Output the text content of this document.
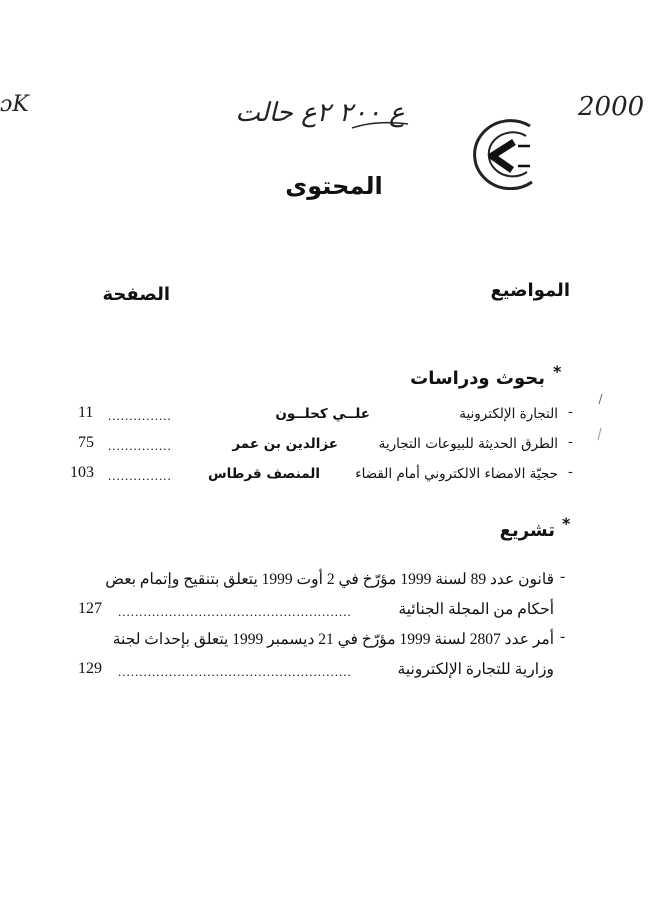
ɔK	ع ٢٠٠ ٢ع حالت	2000
المحتوى
المواضيع
الصفحة
*
بحوث ودراسات
-
التجارة الإلكترونية
علــي كحلــون
...............
11
-
الطرق الحديثة للبيوعات التجارية
عزالدين بن عمر
...............
75
-
حجيّة الامضاء الالكتروني أمام القضاء
المنصف قرطاس
...............
103
*
تشريع
-
قانون عدد 89 لسنة 1999 مؤرّخ في 2 أوت 1999 يتعلق بتنقيح وإتمام بعض
أحكام من المجلة الجنائية
.......................................................
127
-
أمر عدد 2807 لسنة 1999 مؤرّخ في 21 ديسمبر 1999 يتعلق بإحداث لجنة
وزارية للتجارة الإلكترونية
.......................................................
129
